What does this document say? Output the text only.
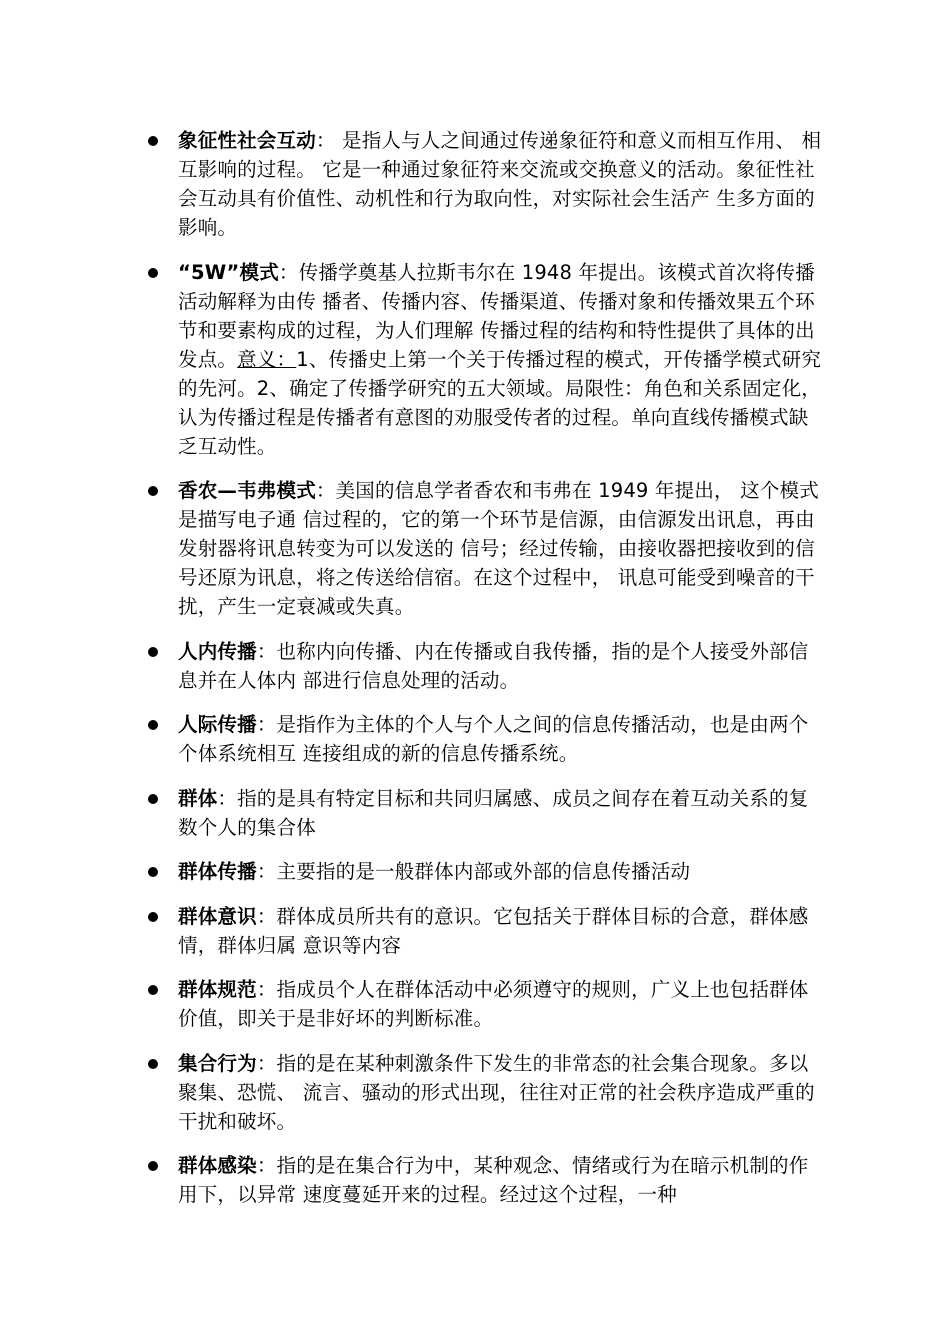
象征性社会互动： 是指人与人之间通过传递象征符和意义而相互作用、 相互影响的过程。 它是一种通过象征符来交流或交换意义的活动。象征性社会互动具有价值性、动机性和行为取向性，对实际社会生活产 生多方面的影响。
“5W”模式：传播学奠基人拉斯韦尔在 1948 年提出。该模式首次将传播活动解释为由传 播者、传播内容、传播渠道、传播对象和传播效果五个环节和要素构成的过程，为人们理解 传播过程的结构和特性提供了具体的出发点。意义：1、传播史上第一个关于传播过程的模式，开传播学模式研究的先河。2、确定了传播学研究的五大领域。局限性：角色和关系固定化，认为传播过程是传播者有意图的劝服受传者的过程。单向直线传播模式缺乏互动性。
香农—韦弗模式：美国的信息学者香农和韦弗在 1949 年提出， 这个模式是描写电子通 信过程的，它的第一个环节是信源，由信源发出讯息，再由发射器将讯息转变为可以发送的 信号；经过传输，由接收器把接收到的信号还原为讯息，将之传送给信宿。在这个过程中， 讯息可能受到噪音的干扰，产生一定衰减或失真。
人内传播：也称内向传播、内在传播或自我传播，指的是个人接受外部信息并在人体内 部进行信息处理的活动。
人际传播：是指作为主体的个人与个人之间的信息传播活动，也是由两个个体系统相互 连接组成的新的信息传播系统。
群体：指的是具有特定目标和共同归属感、成员之间存在着互动关系的复数个人的集合体
群体传播：主要指的是一般群体内部或外部的信息传播活动
群体意识：群体成员所共有的意识。它包括关于群体目标的合意，群体感情，群体归属 意识等内容
群体规范：指成员个人在群体活动中必须遵守的规则，广义上也包括群体价值，即关于是非好坏的判断标准。
集合行为：指的是在某种刺激条件下发生的非常态的社会集合现象。多以聚集、恐慌、 流言、骚动的形式出现，往往对正常的社会秩序造成严重的干扰和破坏。
群体感染：指的是在集合行为中，某种观念、情绪或行为在暗示机制的作用下，以异常 速度蔓延开来的过程。经过这个过程，一种
